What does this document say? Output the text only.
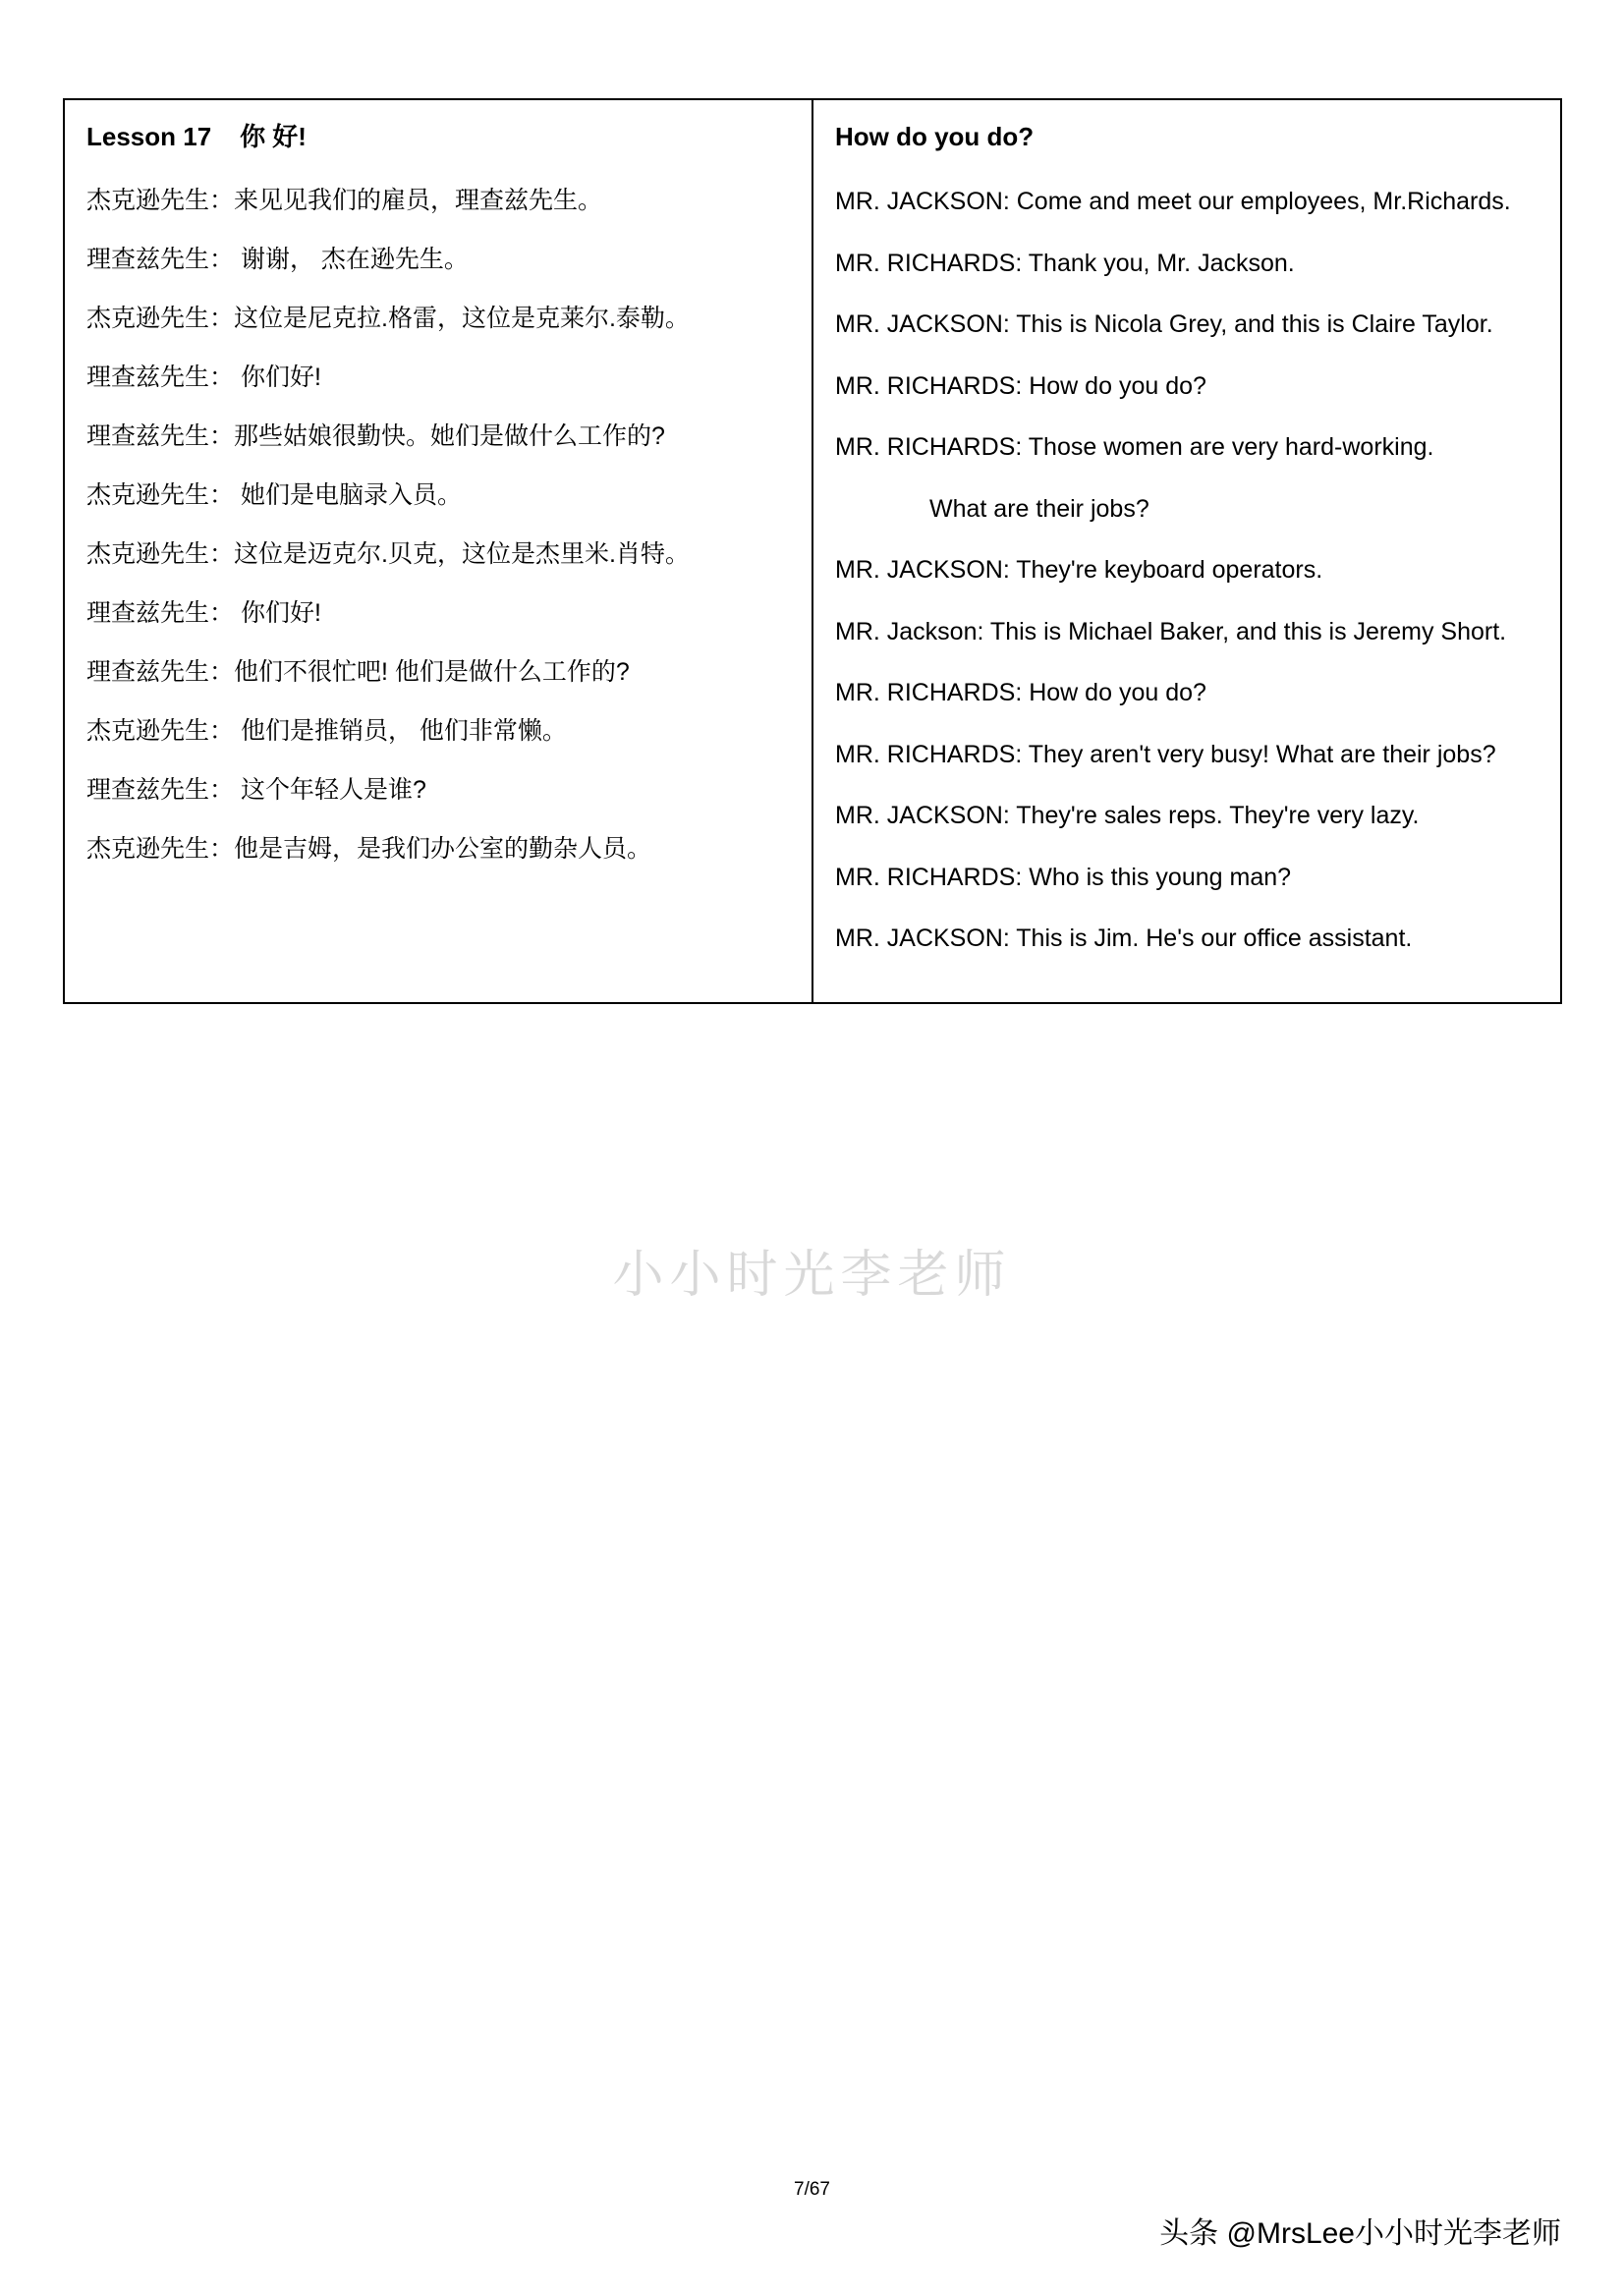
Lesson 17    你 好!
杰克逊先生：来见见我们的雇员，理查兹先生。
理查兹先生： 谢谢， 杰在逊先生。
杰克逊先生：这位是尼克拉.格雷，这位是克莱尔.泰勒。
理查兹先生： 你们好!
理查兹先生：那些姑娘很勤快。她们是做什么工作的?
杰克逊先生： 她们是电脑录入员。
杰克逊先生：这位是迈克尔.贝克，这位是杰里米.肖特。
理查兹先生： 你们好!
理查兹先生：他们不很忙吧! 他们是做什么工作的?
杰克逊先生： 他们是推销员， 他们非常懒。
理查兹先生： 这个年轻人是谁?
杰克逊先生：他是吉姆，是我们办公室的勤杂人员。

How do you do?
MR. JACKSON: Come and meet our employees, Mr.Richards.
MR. RICHARDS: Thank you, Mr. Jackson.
MR. JACKSON: This is Nicola Grey, and this is Claire Taylor.
MR. RICHARDS: How do you do?
MR. RICHARDS: Those women are very hard-working.
What are their jobs?
MR. JACKSON: They're keyboard operators.
MR. Jackson: This is Michael Baker, and this is Jeremy Short.
MR. RICHARDS: How do you do?
MR. RICHARDS: They aren't very busy! What are their jobs?
MR. JACKSON: They're sales reps. They're very lazy.
MR. RICHARDS: Who is this young man?
MR. JACKSON: This is Jim. He's our office assistant.
小小时光李老师
7/67
头条 @MrsLee小小时光李老师
